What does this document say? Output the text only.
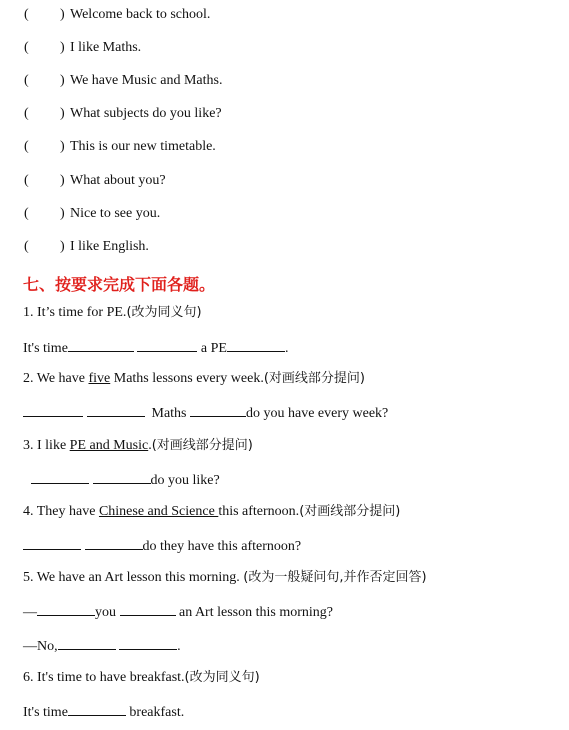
( ) Welcome back to school.
( ) I like Maths.
( ) We have Music and Maths.
( ) What subjects do you like?
( ) This is our new timetable.
( ) What about you?
( ) Nice to see you.
( ) I like English.
七、按要求完成下面各题。
1. It’s time for PE.(改为同义句)
It's time	a PE	.
2. We have five Maths lessons every week.(对画线部分提问)
Maths	do you have every week?
3. I like PE and Music.(对画线部分提问)
do you like?
4. They have Chinese and Science this afternoon.(对画线部分提问)
do they have this afternoon?
5. We have an Art lesson this morning. (改为一般疑问句,并作否定回答)
—	you	an Art lesson this morning?
—No,	.
6. It's time to have breakfast.(改为同义句)
It's time	breakfast.
